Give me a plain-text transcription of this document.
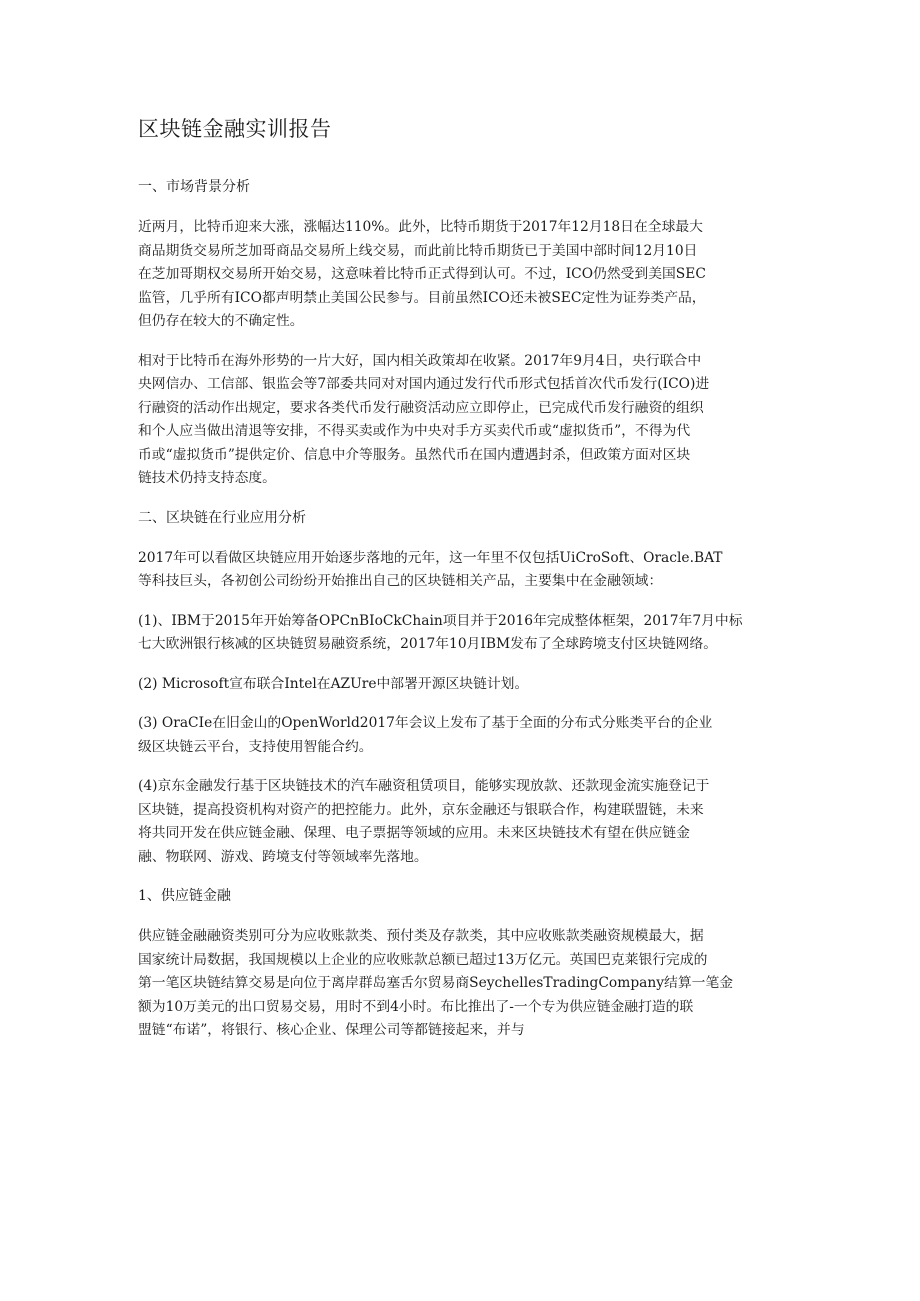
区块链金融实训报告
一、市场背景分析
近两月，比特币迎来大涨，涨幅达110%。此外，比特币期货于2017年12月18日在全球最大
商品期货交易所芝加哥商品交易所上线交易，而此前比特币期货已于美国中部时间12月10日
在芝加哥期权交易所开始交易，这意味着比特币正式得到认可。不过，ICO仍然受到美国SEC
监管，几乎所有ICO都声明禁止美国公民参与。目前虽然ICO还未被SEC定性为证券类产品，
但仍存在较大的不确定性。
相对于比特币在海外形势的一片大好，国内相关政策却在收紧。2017年9月4日，央行联合中
央网信办、工信部、银监会等7部委共同对对国内通过发行代币形式包括首次代币发行(ICO)进
行融资的活动作出规定，要求各类代币发行融资活动应立即停止，已完成代币发行融资的组织
和个人应当做出清退等安排，不得买卖或作为中央对手方买卖代币或“虚拟货币”，不得为代
币或“虚拟货币”提供定价、信息中介等服务。虽然代币在国内遭遇封杀，但政策方面对区块
链技术仍持支持态度。
二、区块链在行业应用分析
2017年可以看做区块链应用开始逐步落地的元年，这一年里不仅包括UiCroSoft、Oracle.BAT
等科技巨头，各初创公司纷纷开始推出自己的区块链相关产品，主要集中在金融领域：
(1)、IBM于2015年开始筹备OPCnBIoCkChain项目并于2016年完成整体框架，2017年7月中标
七大欧洲银行核减的区块链贸易融资系统，2017年10月IBM发布了全球跨境支付区块链网络。
(2) Microsoft宣布联合Intel在AZUre中部署开源区块链计划。
(3) OraCIe在旧金山的OpenWorld2017年会议上发布了基于全面的分布式分账类平台的企业
级区块链云平台，支持使用智能合约。
(4)京东金融发行基于区块链技术的汽车融资租赁项目，能够实现放款、还款现金流实施登记于
区块链，提高投资机构对资产的把控能力。此外，京东金融还与银联合作，构建联盟链，未来
将共同开发在供应链金融、保理、电子票据等领域的应用。未来区块链技术有望在供应链金
融、物联网、游戏、跨境支付等领域率先落地。
1、供应链金融
供应链金融融资类别可分为应收账款类、预付类及存款类，其中应收账款类融资规模最大，据
国家统计局数据，我国规模以上企业的应收账款总额已超过13万亿元。英国巴克莱银行完成的
第一笔区块链结算交易是向位于离岸群岛塞舌尔贸易商SeychellesTradingCompany结算一笔金
额为10万美元的出口贸易交易，用时不到4小时。布比推出了-一个专为供应链金融打造的联
盟链“布诺”，将银行、核心企业、保理公司等都链接起来，并与
